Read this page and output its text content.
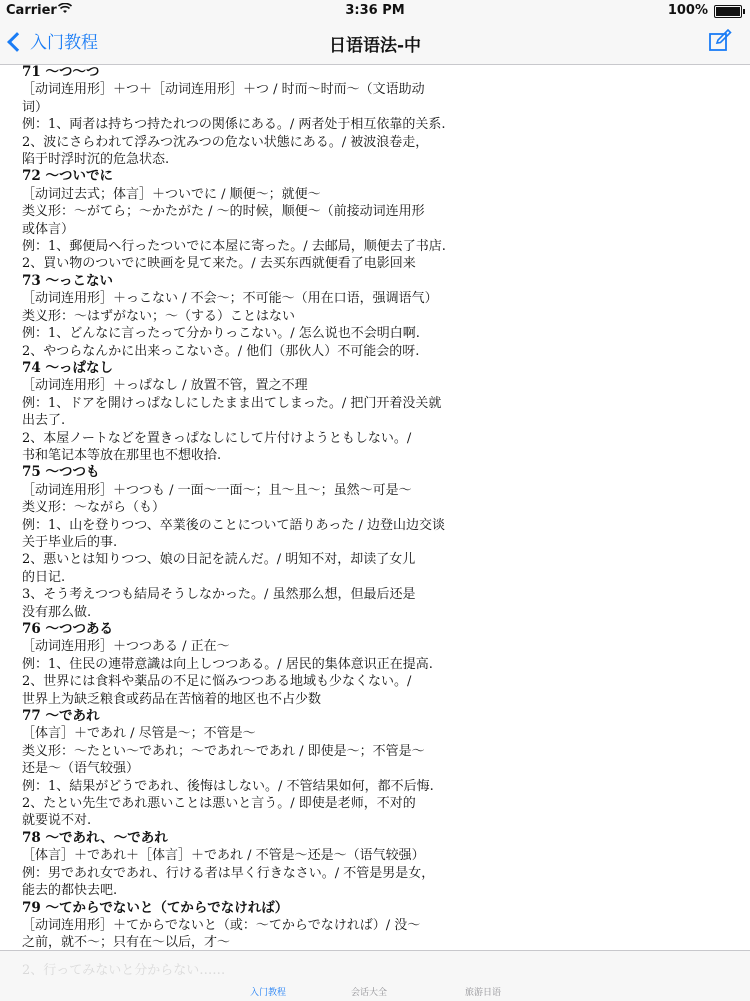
Carrier	3:36 PM	100%
入门教程	日语语法-中

71 ～つ～つ

［动词连用形］＋つ＋［动词连用形］＋つ / 时而～时而～（文语助动

词）

例：1、両者は持ちつ持たれつの関係にある。/ 两者处于相互依靠的关系.

2、波にさらわれて浮みつ沈みつの危ない状態にある。/ 被波浪卷走，

陷于时浮时沉的危急状态.

72 ～ついでに

［动词过去式；体言］＋ついでに / 顺便～；就便～

类义形：～がてら；～かたがた / ～的时候，顺便～（前接动词连用形

或体言）

例：1、郵便局へ行ったついでに本屋に寄った。/ 去邮局，顺便去了书店.

2、買い物のついでに映画を見て来た。/ 去买东西就便看了电影回来

73 ～っこない

［动词连用形］＋っこない / 不会～；不可能～（用在口语，强调语气）

类义形：～はずがない；～（する）ことはない

例：1、どんなに言ったって分かりっこない。/ 怎么说也不会明白啊.

2、やつらなんかに出来っこないさ。/ 他们（那伙人）不可能会的呀.

74 ～っぱなし

［动词连用形］＋っぱなし / 放置不管，置之不理

例：1、ドアを開けっぱなしにしたまま出てしまった。/ 把门开着没关就

出去了.

2、本屋ノートなどを置きっぱなしにして片付けようともしない。/

书和笔记本等放在那里也不想收拾.

75 ～つつも

［动词连用形］＋つつも / 一面～一面～；且～且～；虽然～可是～

类义形：～ながら（も）

例：1、山を登りつつ、卒業後のことについて語りあった / 边登山边交谈

关于毕业后的事.

2、悪いとは知りつつ、娘の日記を読んだ。/ 明知不对，却读了女儿

的日记.

3、そう考えつつも結局そうしなかった。/ 虽然那么想，但最后还是

没有那么做.

76 ～つつある

［动词连用形］＋つつある / 正在～

例：1、住民の連帯意識は向上しつつある。/ 居民的集体意识正在提高.

2、世界には食料や薬品の不足に悩みつつある地域も少なくない。/

世界上为缺乏粮食或药品在苦恼着的地区也不占少数

77 ～であれ

［体言］＋であれ / 尽管是～；不管是～

类义形：～たとい～であれ；～であれ～であれ / 即使是～；不管是～

还是～（语气较强）

例：1、結果がどうであれ、後悔はしない。/ 不管结果如何，都不后悔.

2、たとい先生であれ悪いことは悪いと言う。/ 即使是老师，不对的

就要说不对.

78 ～であれ、～であれ

［体言］＋であれ＋［体言］＋であれ / 不管是～还是～（语气较强）

例：男であれ女であれ、行ける者は早く行きなさい。/ 不管是男是女，

能去的都快去吧.

79 ～てからでないと（てからでなければ）

［动词连用形］＋てからでないと（或：～てからでなければ）/ 没～

之前，就不～；只有在～以后，才～

2、行ってみないと分からない……
入门教程	会话大全	旅游日语
